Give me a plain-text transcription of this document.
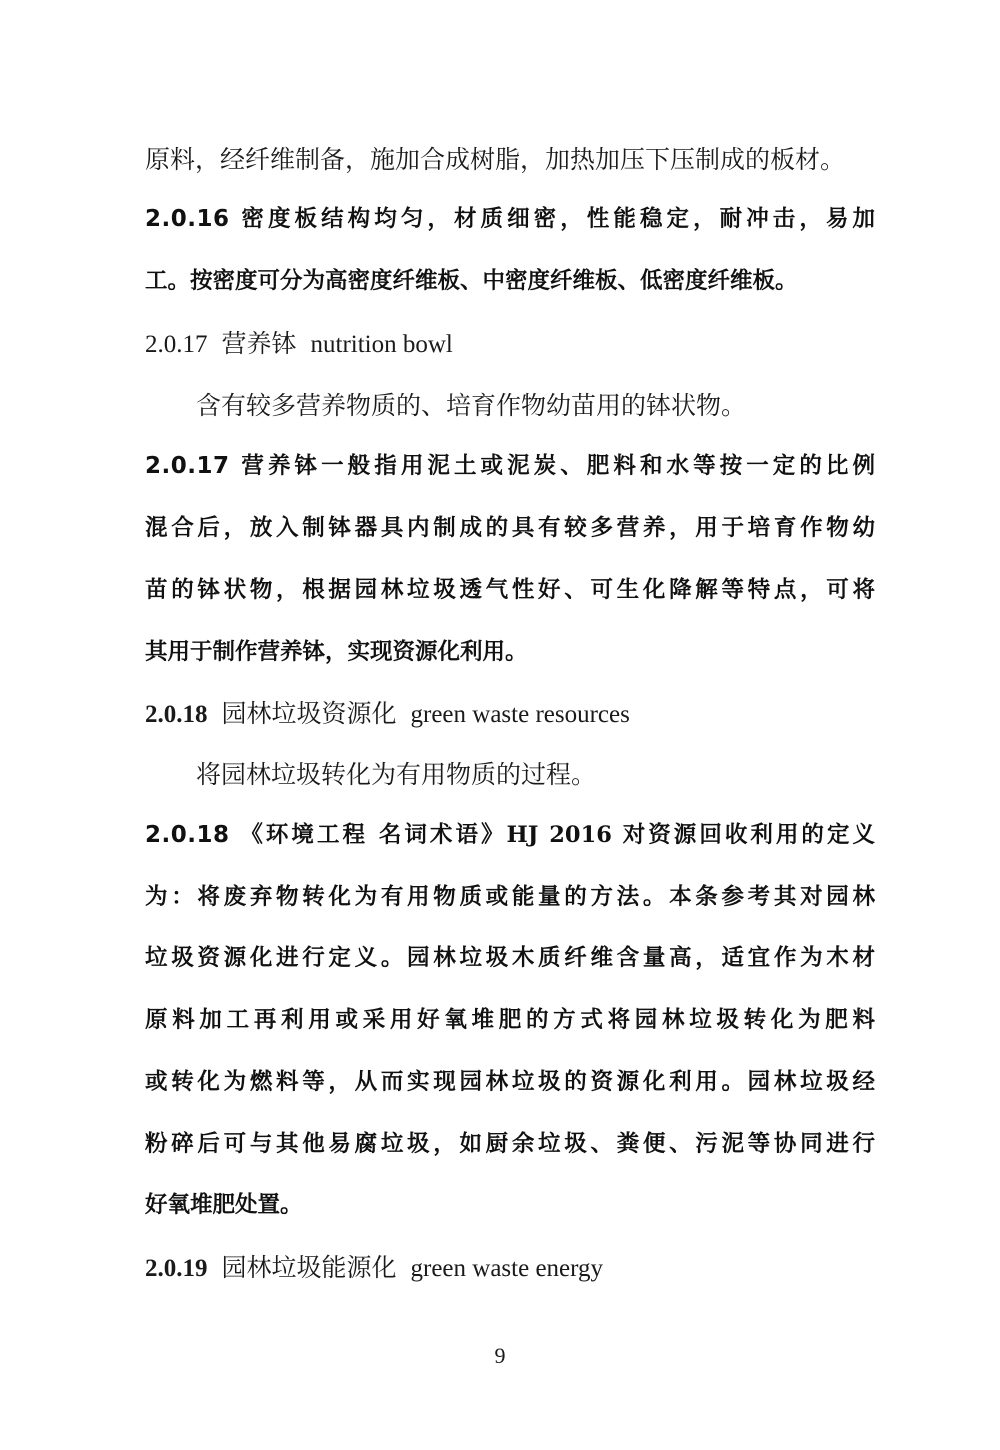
原料，经纤维制备，施加合成树脂，加热加压下压制成的板材。
2.0.16 密度板结构均匀，材质细密，性能稳定，耐冲击，易加
工。按密度可分为高密度纤维板、中密度纤维板、低密度纤维板。
2.0.17 营养钵 nutrition bowl
含有较多营养物质的、培育作物幼苗用的钵状物。
2.0.17 营养钵一般指用泥土或泥炭、肥料和水等按一定的比例
混合后，放入制钵器具内制成的具有较多营养，用于培育作物幼
苗的钵状物，根据园林垃圾透气性好、可生化降解等特点，可将
其用于制作营养钵，实现资源化利用。
2.0.18 园林垃圾资源化 green waste resources
将园林垃圾转化为有用物质的过程。
2.0.18 《环境工程 名词术语》HJ 2016 对资源回收利用的定义
为：将废弃物转化为有用物质或能量的方法。本条参考其对园林
垃圾资源化进行定义。园林垃圾木质纤维含量高，适宜作为木材
原料加工再利用或采用好氧堆肥的方式将园林垃圾转化为肥料
或转化为燃料等，从而实现园林垃圾的资源化利用。园林垃圾经
粉碎后可与其他易腐垃圾，如厨余垃圾、粪便、污泥等协同进行
好氧堆肥处置。
2.0.19 园林垃圾能源化 green waste energy
9
